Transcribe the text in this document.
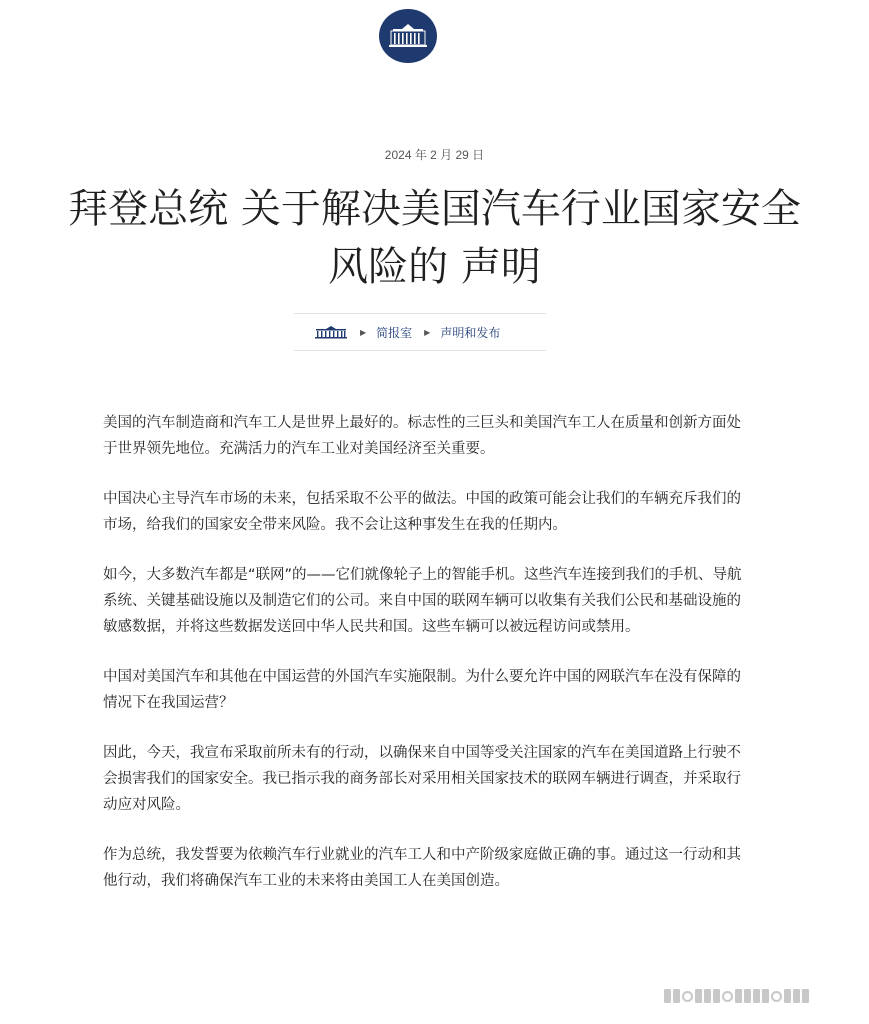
2024 年 2 月 29 日
拜登总统 关于解决美国汽车行业国家安全
风险的 声明
▶ 简报室 ▶ 声明和发布

美国的汽车制造商和汽车工人是世界上最好的。标志性的三巨头和美国汽车工人在质量和创新方面处于世界领先地位。充满活力的汽车工业对美国经济至关重要。

中国决心主导汽车市场的未来，包括采取不公平的做法。中国的政策可能会让我们的车辆充斥我们的市场，给我们的国家安全带来风险。我不会让这种事发生在我的任期内。

如今，大多数汽车都是“联网”的——它们就像轮子上的智能手机。这些汽车连接到我们的手机、导航系统、关键基础设施以及制造它们的公司。来自中国的联网车辆可以收集有关我们公民和基础设施的敏感数据，并将这些数据发送回中华人民共和国。这些车辆可以被远程访问或禁用。

中国对美国汽车和其他在中国运营的外国汽车实施限制。为什么要允许中国的网联汽车在没有保障的情况下在我国运营？

因此，今天，我宣布采取前所未有的行动，以确保来自中国等受关注国家的汽车在美国道路上行驶不会损害我们的国家安全。我已指示我的商务部长对采用相关国家技术的联网车辆进行调查，并采取行动应对风险。

作为总统，我发誓要为依赖汽车行业就业的汽车工人和中产阶级家庭做正确的事。通过这一行动和其他行动，我们将确保汽车工业的未来将由美国工人在美国创造。
